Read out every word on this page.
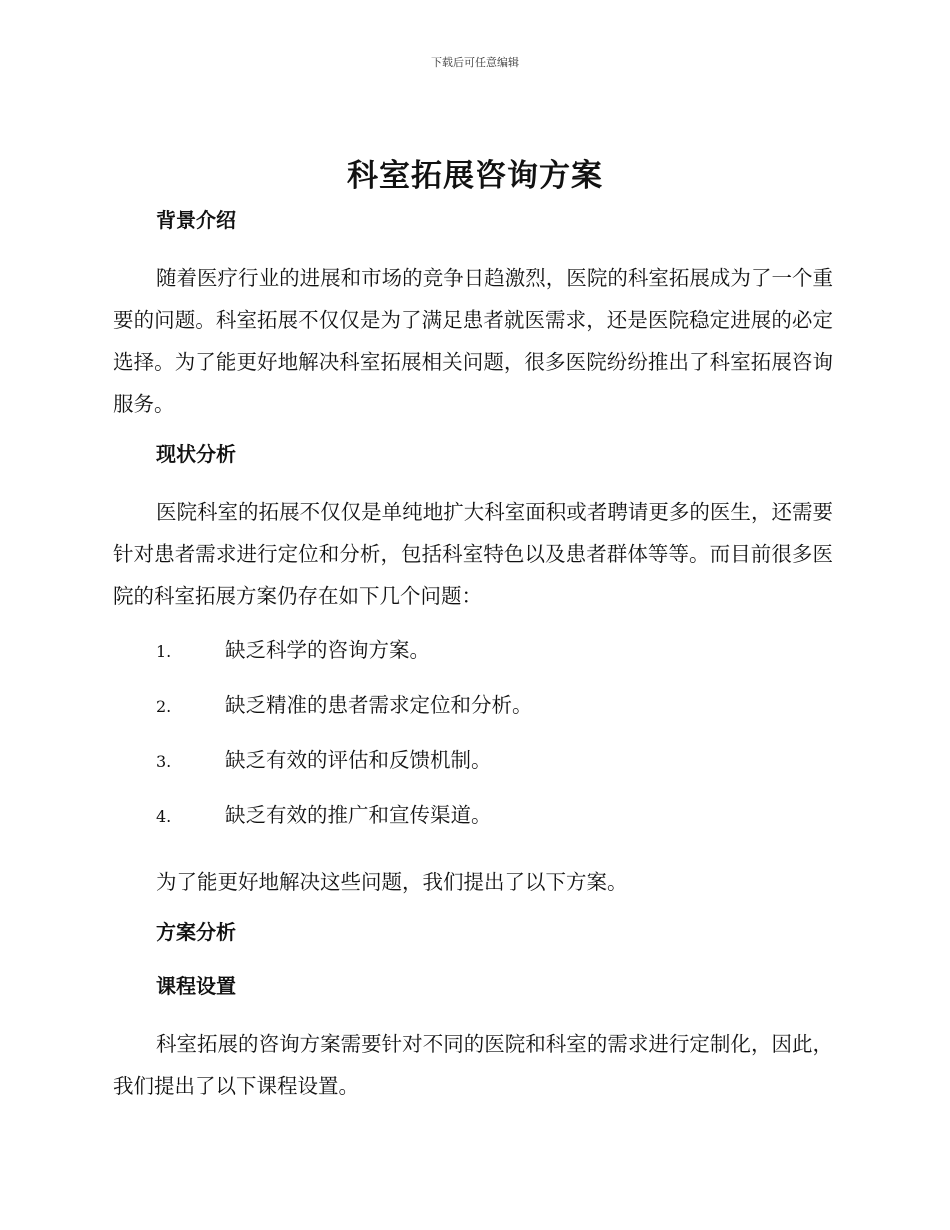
下载后可任意编辑
科室拓展咨询方案
背景介绍

随着医疗行业的进展和市场的竞争日趋激烈，医院的科室拓展成为了一个重要的问题。科室拓展不仅仅是为了满足患者就医需求，还是医院稳定进展的必定选择。为了能更好地解决科室拓展相关问题，很多医院纷纷推出了科室拓展咨询服务。

现状分析

医院科室的拓展不仅仅是单纯地扩大科室面积或者聘请更多的医生，还需要针对患者需求进行定位和分析，包括科室特色以及患者群体等等。而目前很多医院的科室拓展方案仍存在如下几个问题：

1.	缺乏科学的咨询方案。
2.	缺乏精准的患者需求定位和分析。
3.	缺乏有效的评估和反馈机制。
4.	缺乏有效的推广和宣传渠道。

为了能更好地解决这些问题，我们提出了以下方案。

方案分析
课程设置

科室拓展的咨询方案需要针对不同的医院和科室的需求进行定制化，因此，我们提出了以下课程设置。
